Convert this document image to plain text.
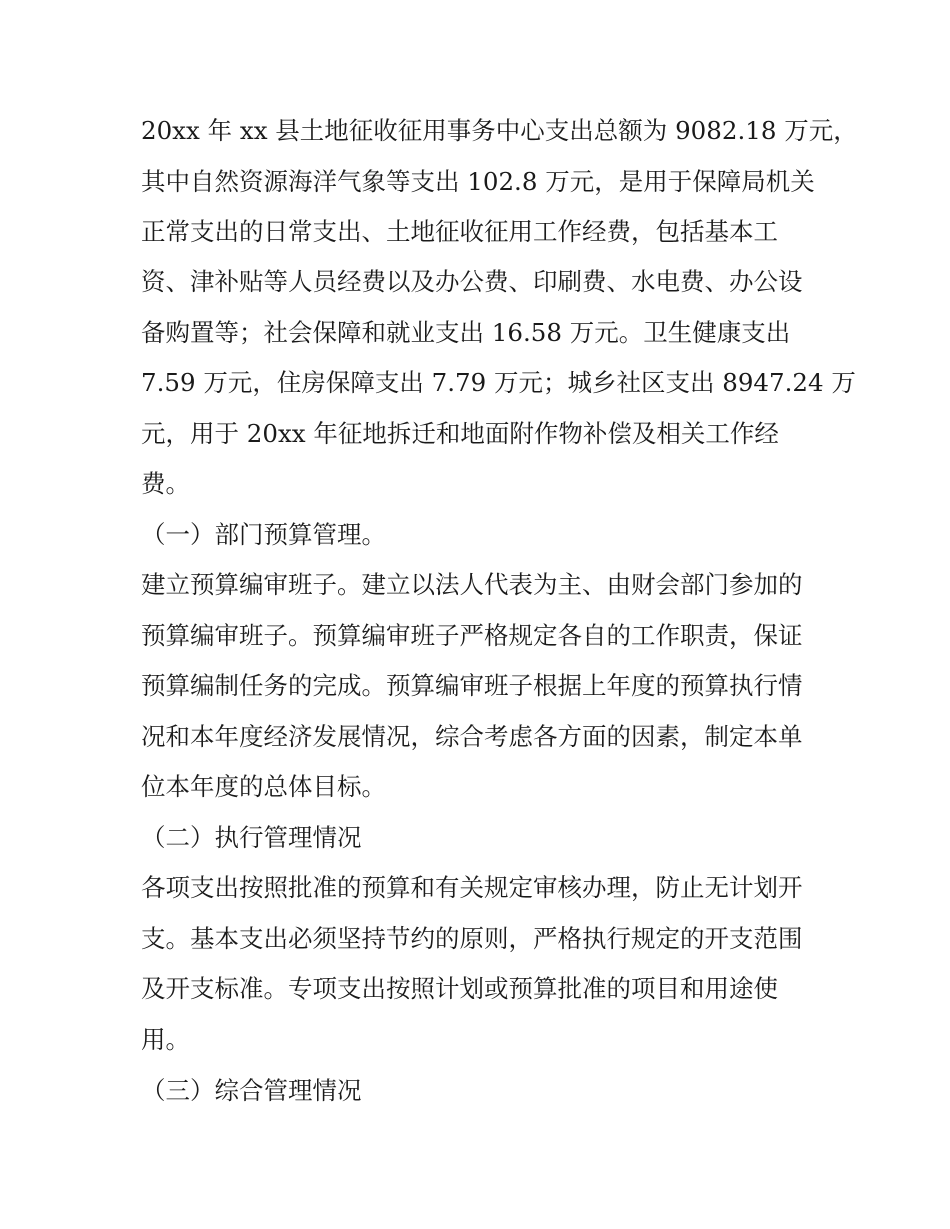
20xx 年 xx 县土地征收征用事务中心支出总额为 9082.18 万元，
其中自然资源海洋气象等支出 102.8 万元，是用于保障局机关
正常支出的日常支出、土地征收征用工作经费，包括基本工
资、津补贴等人员经费以及办公费、印刷费、水电费、办公设
备购置等；社会保障和就业支出 16.58 万元。卫生健康支出
7.59 万元，住房保障支出 7.79 万元；城乡社区支出 8947.24 万
元，用于 20xx 年征地拆迁和地面附作物补偿及相关工作经
费。
（一）部门预算管理。
建立预算编审班子。建立以法人代表为主、由财会部门参加的
预算编审班子。预算编审班子严格规定各自的工作职责，保证
预算编制任务的完成。预算编审班子根据上年度的预算执行情
况和本年度经济发展情况，综合考虑各方面的因素，制定本单
位本年度的总体目标。
（二）执行管理情况
各项支出按照批准的预算和有关规定审核办理，防止无计划开
支。基本支出必须坚持节约的原则，严格执行规定的开支范围
及开支标准。专项支出按照计划或预算批准的项目和用途使
用。
（三）综合管理情况
